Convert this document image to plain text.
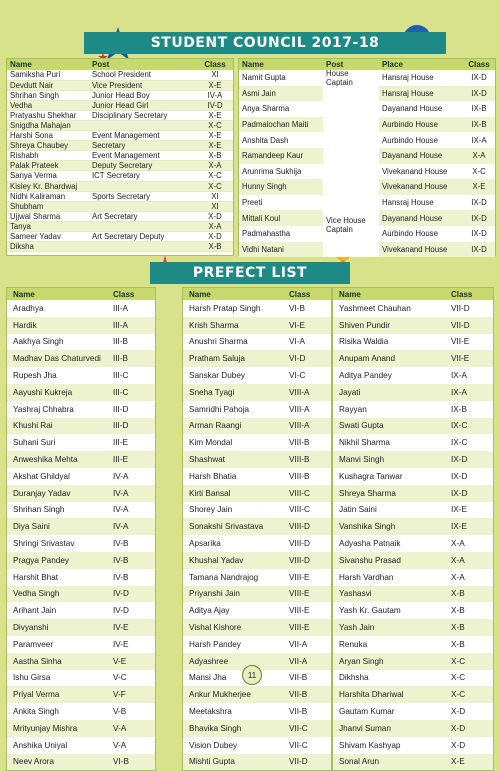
STUDENT COUNCIL 2017-18
Name	Post	Class
Samiksha Puri	School President	XI
Devdutt Nair	Vice President	X-E
Shrihan Singh	Junior Head Boy	IV-A
Vedha	Junior Head Girl	IV-D
Pratyashu Shekhar	Disciplinary Secretary	X-E
Snigdha Mahajan		X-C
Harshi Sona	Event Management	X-E
Shreya Chaubey	Secretary	X-E
Rishabh	Event Management	X-B
Palak Prateek	Deputy Secretary	X-A
Sanya Verma	ICT Secretary	X-C
Kisley Kr. Bhardwaj		X-C
Nidhi Kaliraman	Sports Secretary	XI
Shubham		XI
Ujjwal Sharma	Art Secretary	X-D
Tanya		X-A
Sameer Yadav	Art Secretary Deputy	X-D
Diksha		X-B
Name	Post	Place	Class
Namit Gupta	House Captain	Hansraj House	IX-D
Asmi Jain		Hansraj House	IX-D
Anya Sharma		Dayanand House	IX-B
Padmalochan Maiti		Aurbindo House	IX-B
Anshita Dash		Aurbindo House	IX-A
Ramandeep Kaur		Dayanand House	X-A
Arunrima Sukhija		Vivekanand House	X-C
Hunny Singh		Vivekanand House	X-E
Preeti	Vice House Captain	Hansraj House	IX-D
Mittali Koul		Dayanand House	IX-D
Padmahastha		Aurbindo House	IX-D
Vidhi Natani		Vivekanand House	IX-D
PREFECT LIST
Name	Class
Aradhya	III-A
Hardik	III-A
Aakhya Singh	III-B
Madhav Das Chaturvedi	III-B
Rupesh Jha	III-C
Aayushi Kukreja	III-C
Yashraj Chhabra	III-D
Khushi Rai	III-D
Suhani Suri	III-E
Anweshika Mehta	III-E
Akshat Ghildyal	IV-A
Duranjay Yadav	IV-A
Shrihan Singh	IV-A
Diya Saini	IV-A
Shringi Srivastav	IV-B
Pragya Pandey	IV-B
Harshit Bhat	IV-B
Vedha Singh	IV-D
Arihant Jain	IV-D
Divyanshi	IV-E
Paramveer	IV-E
Aastha Sinha	V-E
Ishu Girsa	V-C
Priyal Verma	V-F
Ankita Singh	V-B
Mrityunjay Mishra	V-A
Anshika Uniyal	V-A
Neev Arora	VI-B
Name	Class
Harsh Pratap Singh	VI-B
Krish Sharma	VI-E
Anushri Sharma	VI-A
Pratham Saluja	VI-D
Sanskar Dubey	VI-C
Sneha Tyagi	VIII-A
Samridhi Pahoja	VIII-A
Arman Raangi	VIII-A
Kim Mondal	VIII-B
Shashwat	VIII-B
Harsh Bhatia	VIII-B
Kirti Bansal	VIII-C
Shorey Jain	VIII-C
Sonakshi Srivastava	VIII-D
Apsarika	VIII-D
Khushal Yadav	VIII-D
Tamana Nandrajog	VIII-E
Priyanshi Jain	VIII-E
Aditya Ajay	VIII-E
Vishal Kishore	VIII-E
Harsh Pandey	VII-A
Adyashree	VII-A
Mansi Jha	VII-B
Ankur Mukherjee	VII-B
Meetakshra	VII-B
Bhavika Singh	VII-C
Vision Dubey	VII-C
Mishti Gupta	VII-D
Name	Class
Yashmeet Chauhan	VII-D
Shiven Pundir	VII-D
Risika Waldia	VII-E
Anupam Anand	VII-E
Aditya Pandey	IX-A
Jayati	IX-A
Rayyan	IX-B
Swati Gupta	IX-C
Nikhil Sharma	IX-C
Manvi Singh	IX-D
Kushagra Tanwar	IX-D
Shreya Sharma	IX-D
Jatin Saini	IX-E
Vanshika Singh	IX-E
Adyasha Patnaik	X-A
Sivanshu Prasad	X-A
Harsh Vardhan	X-A
Yashasvi	X-B
Yash Kr. Gautam	X-B
Yash Jain	X-B
Renuka	X-B
Aryan Singh	X-C
Dikhsha	X-C
Harshita Dhariwal	X-C
Gautam Kumar	X-D
Jhanvi Suman	X-D
Shivam Kashyap	X-D
Sonal Arun	X-E
11
